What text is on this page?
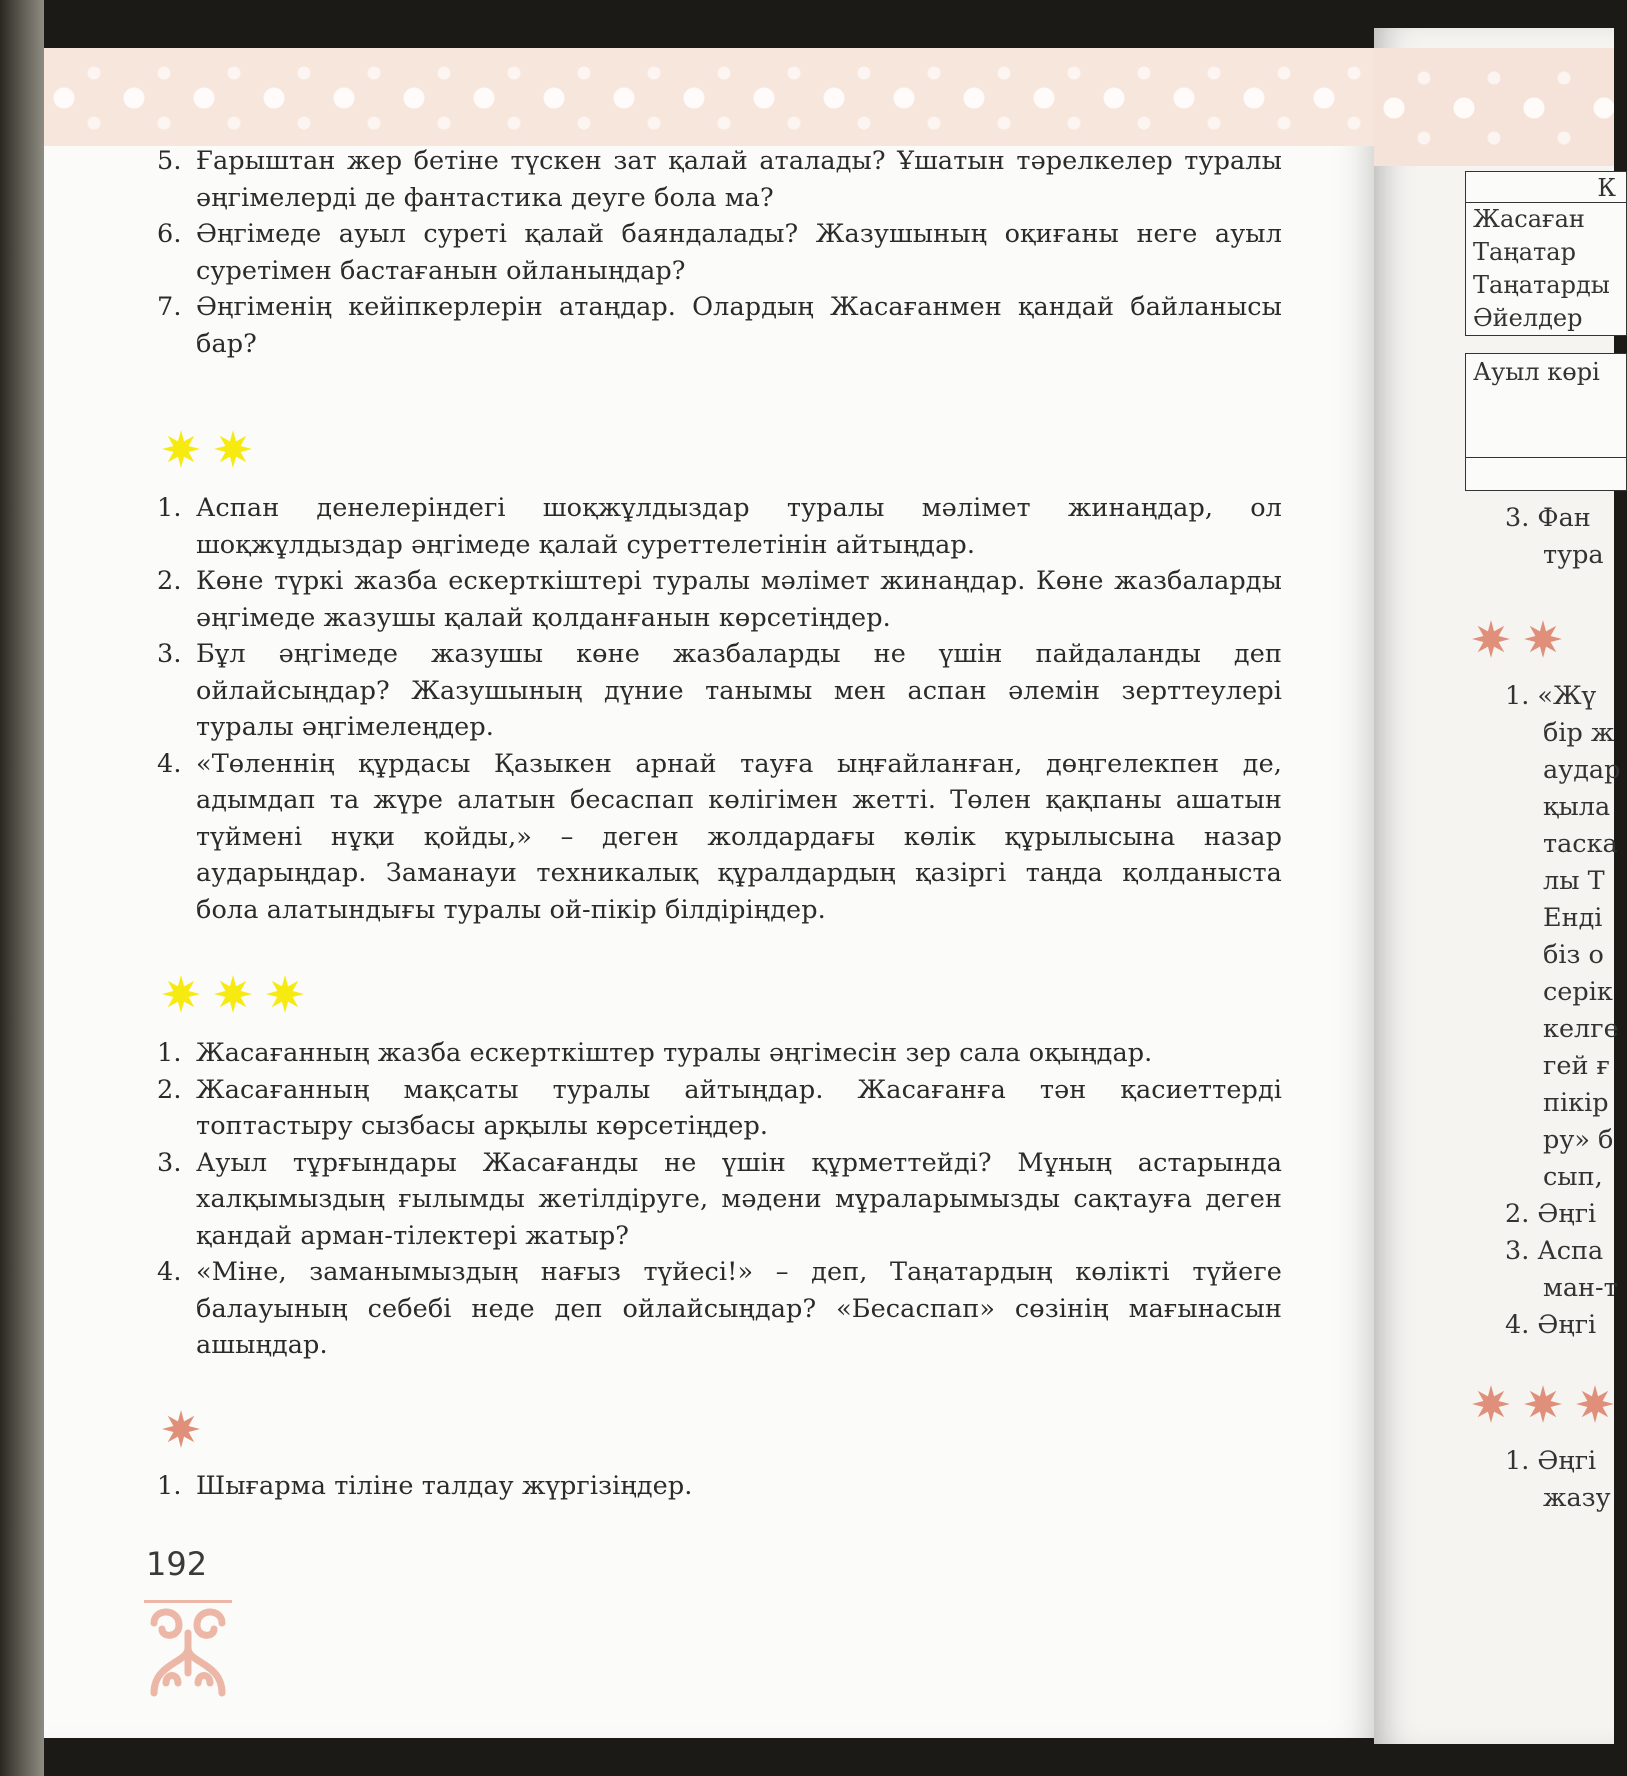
5. Ғарыштан жер бетіне түскен зат қалай аталады? Ұшатын тәрелкелер туралы әңгімелерді де фантастика деуге бола ма?
6. Әңгімеде ауыл суреті қалай баяндалады? Жазушының оқиғаны неге ауыл суретімен бастағанын ойланыңдар?
7. Әңгіменің кейіпкерлерін атаңдар. Олардың Жасағанмен қандай байланысы бар?
1. Аспан денелеріндегі шоқжұлдыздар туралы мәлімет жинаңдар, ол шоқжұлдыздар әңгімеде қалай суреттелетінін айтыңдар.
2. Көне түркі жазба ескерткіштері туралы мәлімет жинаңдар. Көне жазбаларды әңгімеде жазушы қалай қолданғанын көрсетіңдер.
3. Бұл әңгімеде жазушы көне жазбаларды не үшін пайдаланды деп ойлайсыңдар? Жазушының дүние танымы мен аспан әлемін зерттеулері туралы әңгімелеңдер.
4. «Төленнің құрдасы Қазыкен арнай тауға ыңғайланған, дөңгелекпен де, адымдап та жүре алатын бесаспап көлігімен жетті. Төлен қақпаны ашатын түймені нұқи қойды,» – деген жолдардағы көлік құрылысына назар аударыңдар. Заманауи техникалық құралдардың қазіргі таңда қолданыста бола алатындығы туралы ой-пікір білдіріңдер.
1. Жасағанның жазба ескерткіштер туралы әңгімесін зер сала оқыңдар.
2. Жасағанның мақсаты туралы айтыңдар. Жасағанға тән қасиеттерді топтастыру сызбасы арқылы көрсетіңдер.
3. Ауыл тұрғындары Жасағанды не үшін құрметтейді? Мұның астарында халқымыздың ғылымды жетілдіруге, мәдени мұраларымызды сақтауға деген қандай арман-тілектері жатыр?
4. «Міне, заманымыздың нағыз түйесі!» – деп, Таңатардың көлікті түйеге балауының себебі неде деп ойлайсыңдар? «Бесаспап» сөзінің мағынасын ашыңдар.
1. Шығарма тіліне талдау жүргізіңдер.
192
К
Жасаған
Таңатар
Таңатарды
Әйелдер
Ауыл көрі
3. Фан
тура
1. «Жү
бір ж
аудар
қыла
таска
лы Т
Енді
біз о
серік
келге
гей ғ
пікір
ру» б
сып,
2. Әңгі
3. Аспа
ман-т
4. Әңгі
1. Әңгі
жазу
